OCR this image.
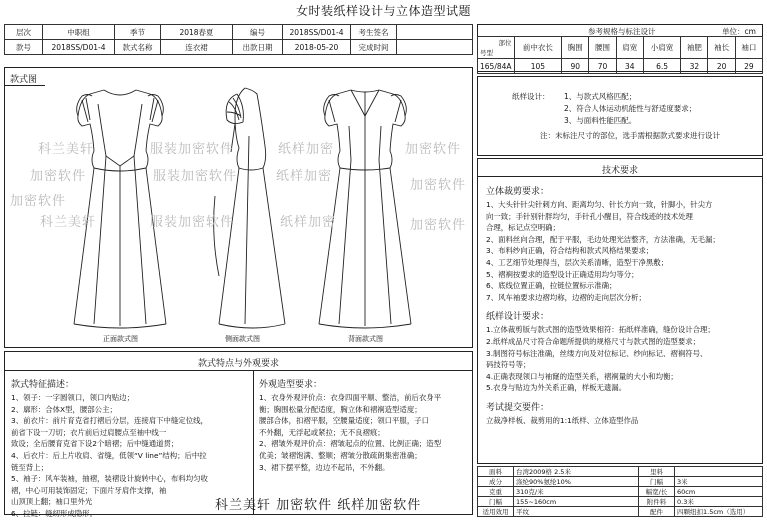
女时装纸样设计与立体造型试题
层次	中职组	季节	2018春夏	编号	2018SS/D01-4	考生签名	
款号	2018SS/D01-4	款式名称	连衣裙	出款日期	2018-05-20	完成时间	
参考规格与标注设计	单位：cm
部位
号型	前中衣长	胸围	腰围	肩宽	小肩宽	袖肥	袖长	袖口
165/84A	105	90	70	34	6.5	32	20	29
款式图
正面款式图	侧面款式图	背面款式图
纸样设计： 1、与款式风格匹配；
2、符合人体运动机能性与舒适度要求；
3、与面料性能匹配。
注：未标注尺寸的部位，选手需根据款式要求进行设计
技术要求
立体裁剪要求：
1、大头针针尖针刺方向、距离均匀、针长方向一致，针脚小，针尖方
向一致；手针别针胖均匀，手针孔小醒目，符合线迹的技术处理
合理，标记点空明确；
2、面料丝向合理，配于平服，毛边处理光洁整齐，方法准确，无毛漏；
3、布料纱向正确，符合结构和款式风格结果要求；
4、工艺细节处理得当，层次关系清晰，造型干净黑敷；
5、褶裥按要求的造型设计正确适用均匀等分；
6、底线位置正确，拉链位置标示准确；
7、风车袖要求边褶均称，边褶的走向层次分析；
纸样设计要求：
1.立体裁剪版与款式图的造型效果相符：拓纸样准确，缝份设计合理；
2.纸样成品尺寸符合命题所提供的规格尺寸与款式图的造型要求；
3.制图符号标注准确，丝缕方向及对位标记、纱向标记、褶裥符号、
码技符号等；
4.正确表现领口与袖窿的造型关系，褶裥量的大小和均衡；
5.衣身与贴边为外关系正确，样板无遗漏。
考试提交要件：
立裁净样板、裁剪用的1:1纸样、立体造型作品
款式特点与外观要求
款式特征描述：
1、领子：一字圆领口，领口内贴边；
2、廓形：合体X型，腰部公主；
3、前衣片：前片育克省打褶后分层，连接肩下中缝定位线，
前省下设一刀切；衣片前后过肩腰点至袖中线一
致设；全后腰育克省下设2个暗褶；后中缝通道贯；
4、后衣片：后上片收肩、省缝，低领“V line”结构；后中拉
链至背上；
5、袖子：风车装袖，抽褶，装褶设计旋转中心，布料均匀收
褶，中心可用装饰固定；下面片牙肩作支撑，袖
山顶顶上翻；袖口里外光
6、拉链：缝纫形成隐形。
外观造型要求：
1、衣身外观评价点：衣身四面平顺、整洁，前后衣身平
衡；胸围松量分配适度，胸立体和褶裥造型适度；
腰部合体，扣褶平服，空腰量适度；领口平服，子口
不外翻，无浮起或紧拉；无不良褶痕；
2、褶皱外观评价点：褶皱起点的位置、比例正确；造型
优美；皱褶饱满、整顺；褶皱分散疏朗集密准确；
3、裙下摆平整，边边不起吊，不外翻。
面料	台湾2009格 2.5米	里料	
成分	涤纶90%氨纶10%	门幅	3米
克重	310克/米	幅宽/长	60cm
门幅	155~160cm	附件料	0.3米
适用效用	平纹	配件	四颗纽扣1.5cm（选用）
科兰美轩	服装加密软件	纸样加密	加密软件
加密软件	服装加密软件	纸样加密
加密软件
科兰美轩
加密软件
服装加密软件	纸样加密	加密软件
科兰美轩 加密软件 纸样加密软件
